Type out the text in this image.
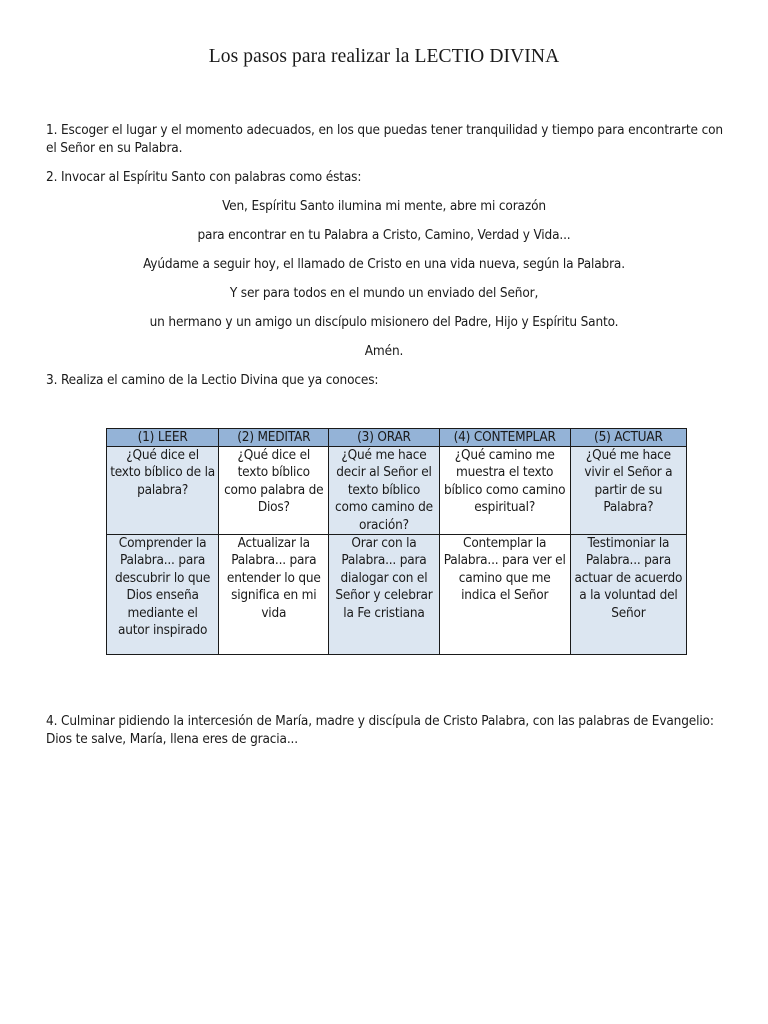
Los pasos para realizar la LECTIO DIVINA

1. Escoger el lugar y el momento adecuados, en los que puedas tener tranquilidad y tiempo para encontrarte con el Señor en su Palabra.

2. Invocar al Espíritu Santo con palabras como éstas:

Ven, Espíritu Santo ilumina mi mente, abre mi corazón

para encontrar en tu Palabra a Cristo, Camino, Verdad y Vida...

Ayúdame a seguir hoy, el llamado de Cristo en una vida nueva, según la Palabra.

Y ser para todos en el mundo un enviado del Señor,

un hermano y un amigo un discípulo misionero del Padre, Hijo y Espíritu Santo.

Amén.

3. Realiza el camino de la Lectio Divina que ya conoces:

(1) LEER	(2) MEDITAR	(3) ORAR	(4) CONTEMPLAR	(5) ACTUAR
¿Qué dice el texto bíblico de la palabra?	¿Qué dice el texto bíblico como palabra de Dios?	¿Qué me hace decir al Señor el texto bíblico como camino de oración?	¿Qué camino me muestra el texto bíblico como camino espiritual?	¿Qué me hace vivir el Señor a partir de su Palabra?
Comprender la Palabra... para descubrir lo que Dios enseña mediante el autor inspirado	Actualizar la Palabra... para entender lo que significa en mi vida	Orar con la Palabra... para dialogar con el Señor y celebrar la Fe cristiana	Contemplar la Palabra... para ver el camino que me indica el Señor	Testimoniar la Palabra... para actuar de acuerdo a la voluntad del Señor

4. Culminar pidiendo la intercesión de María, madre y discípula de Cristo Palabra, con las palabras de Evangelio: Dios te salve, María, llena eres de gracia...
